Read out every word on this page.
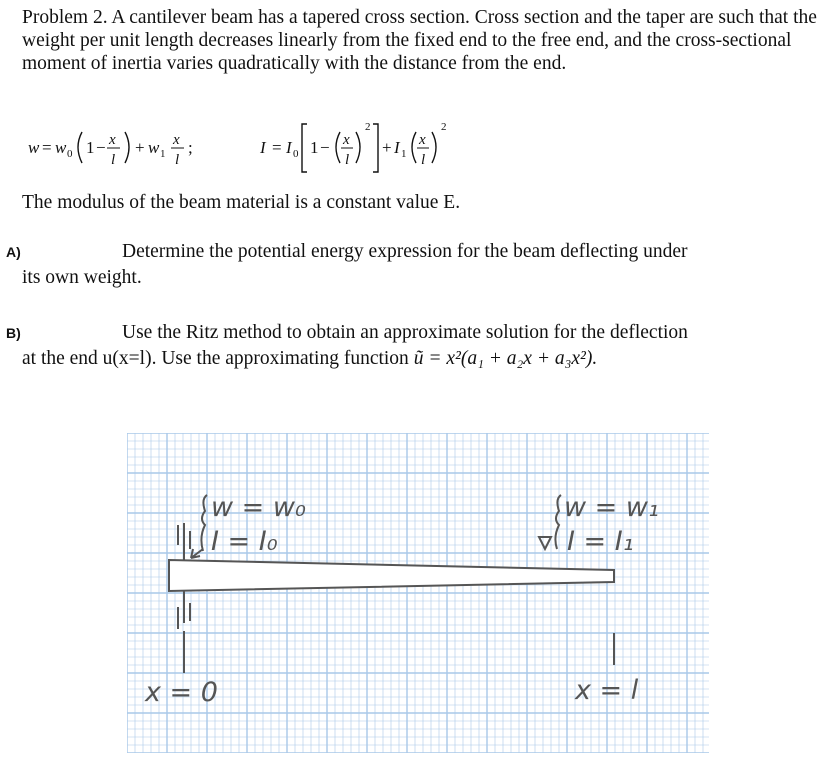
Problem 2. A cantilever beam has a tapered cross section. Cross section and the taper are such that the weight per unit length decreases linearly from the fixed end to the free end, and the cross-sectional moment of inertia varies quadratically with the distance from the end.
w = w 0 1 − x
l
+ w 1
x
l
;	I = I 0 1 − x
l
2
+ I 1
x
l
2
The modulus of the beam material is a constant value E.
A)	Determine the potential energy expression for the beam deflecting under
its own weight.
B)	Use the Ritz method to obtain an approximate solution for the deflection
at the end u(x=l). Use the approximating function ũ = x²(a₁ + a₂x + a₃x²).
w = w₀
I = I₀
w = w₁
I = I₁
x = 0	x = l
